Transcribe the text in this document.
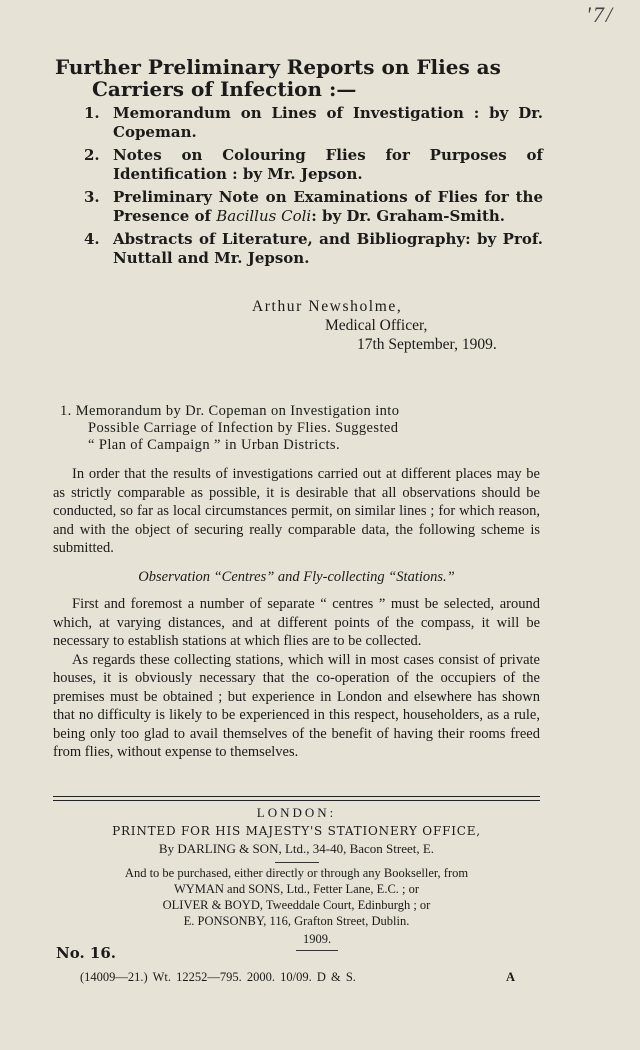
'7/
Further Preliminary Reports on Flies as
Carriers of Infection :—
1. Memorandum on Lines of Investigation : by Dr. Copeman.
2. Notes on Colouring Flies for Purposes of Identification : by Mr. Jepson.
3. Preliminary Note on Examinations of Flies for the Presence of Bacillus Coli: by Dr. Graham-Smith.
4. Abstracts of Literature, and Bibliography: by Prof. Nuttall and Mr. Jepson.
Arthur Newsholme,
Medical Officer,
17th September, 1909.
1. Memorandum by Dr. Copeman on Investigation into
Possible Carriage of Infection by Flies. Suggested
“ Plan of Campaign ” in Urban Districts.

In order that the results of investigations carried out at different places may be as strictly comparable as possible, it is desirable that all observations should be conducted, so far as local circumstances permit, on similar lines ; for which reason, and with the object of securing really comparable data, the following scheme is submitted.

Observation “Centres” and Fly-collecting “Stations.”

First and foremost a number of separate “ centres ” must be selected, around which, at varying distances, and at different points of the compass, it will be necessary to establish stations at which flies are to be collected.

As regards these collecting stations, which will in most cases consist of private houses, it is obviously necessary that the co-operation of the occupiers of the premises must be obtained ; but experience in London and elsewhere has shown that no difficulty is likely to be experienced in this respect, householders, as a rule, being only too glad to avail themselves of the benefit of having their rooms freed from flies, without expense to themselves.

LONDON:
PRINTED FOR HIS MAJESTY'S STATIONERY OFFICE,
By DARLING & SON, Ltd., 34-40, Bacon Street, E.
And to be purchased, either directly or through any Bookseller, from
WYMAN and SONS, Ltd., Fetter Lane, E.C. ; or
OLIVER & BOYD, Tweeddale Court, Edinburgh ; or
E. PONSONBY, 116, Grafton Street, Dublin.
1909.
No. 16.
(14009—21.) Wt. 12252—795. 2000. 10/09. D & S.	A
